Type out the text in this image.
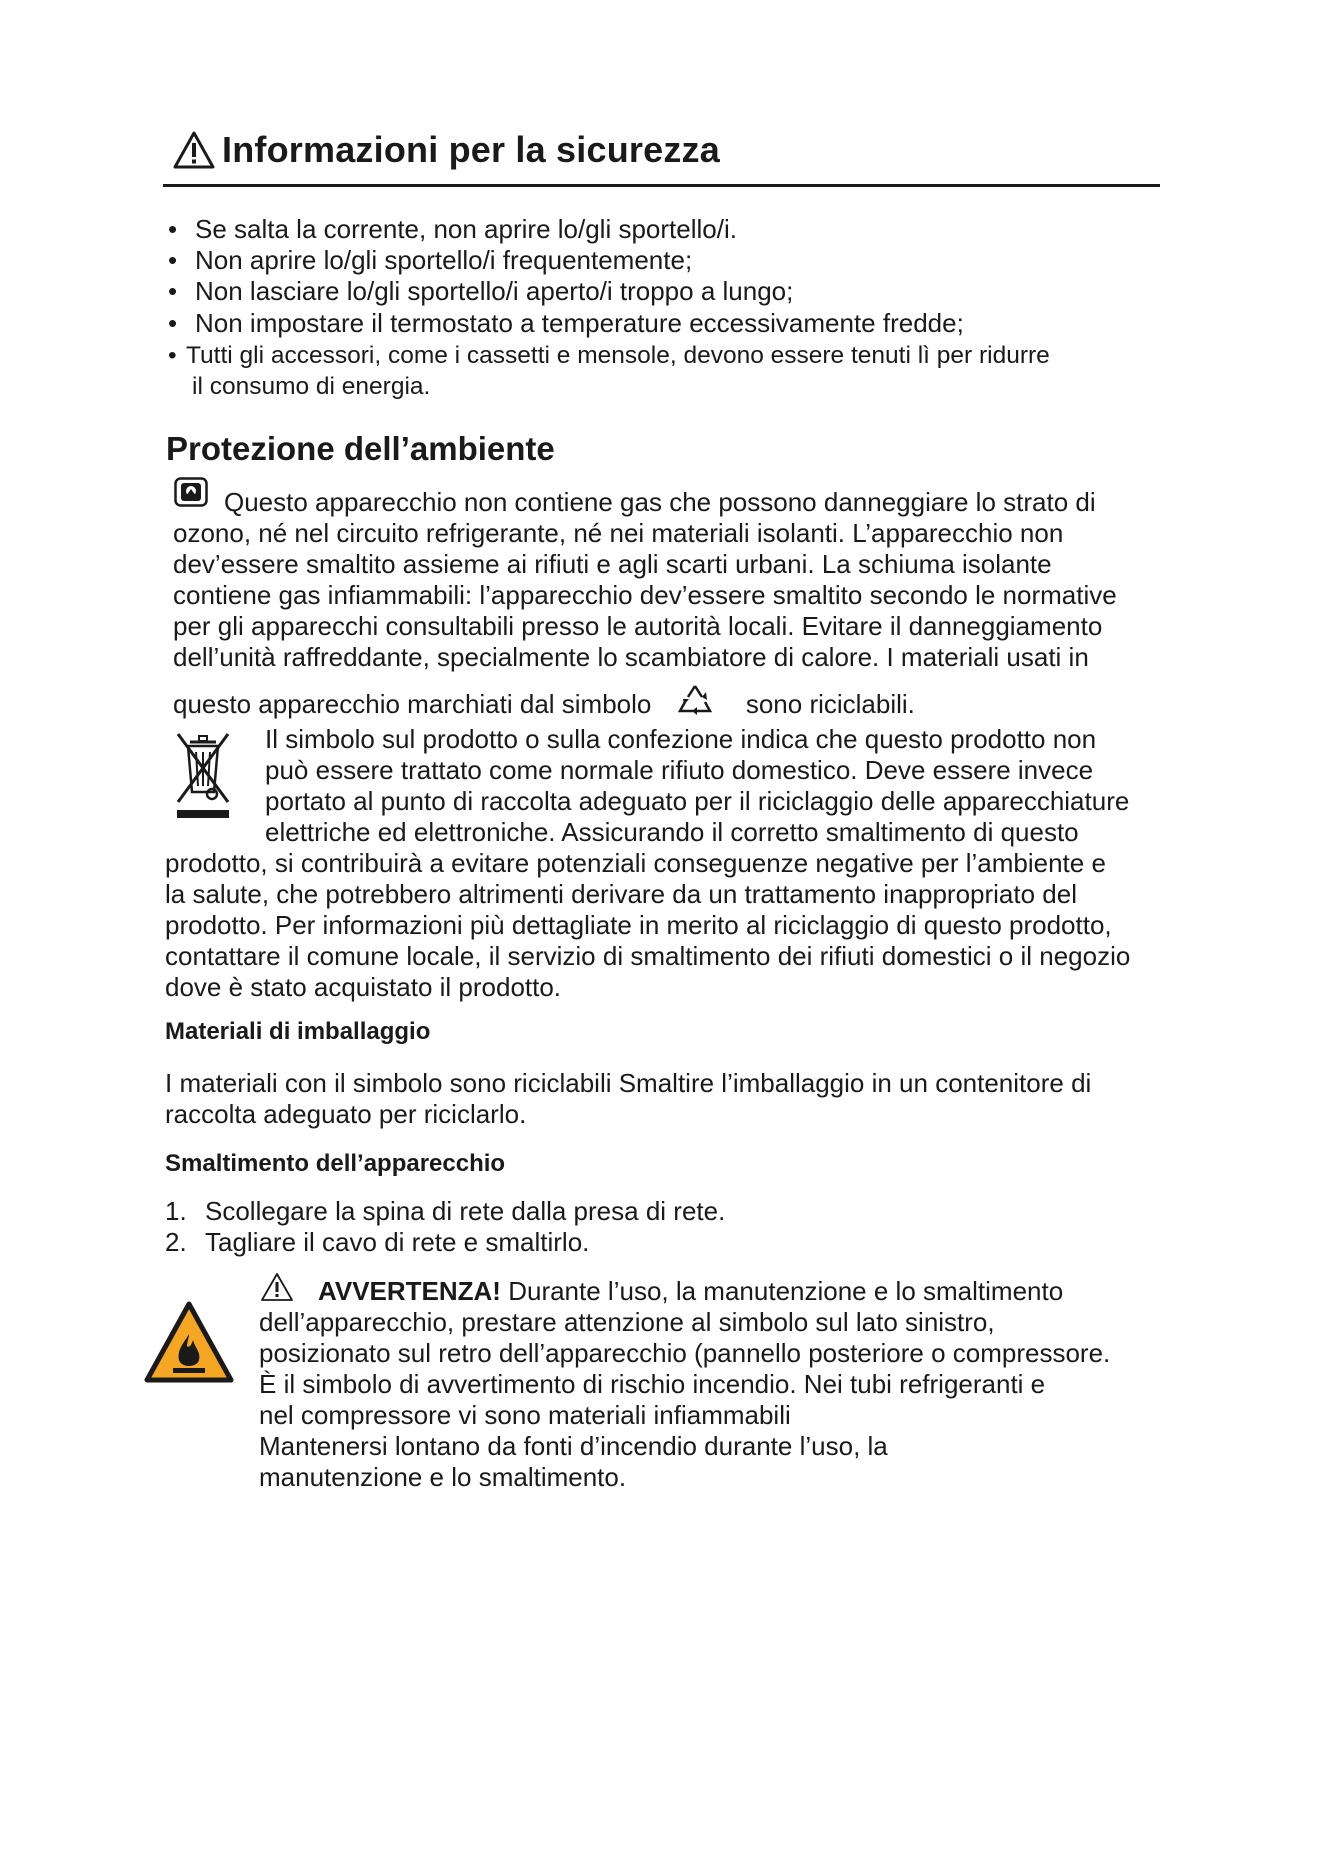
Informazioni per la sicurezza
• Se salta la corrente, non aprire lo/gli sportello/i.
• Non aprire lo/gli sportello/i frequentemente;
• Non lasciare lo/gli sportello/i aperto/i troppo a lungo;
• Non impostare il termostato a temperature eccessivamente fredde;
• Tutti gli accessori, come i cassetti e mensole, devono essere tenuti lì per ridurre
il consumo di energia.
Protezione dell’ambiente
Questo apparecchio non contiene gas che possono danneggiare lo strato di
ozono, né nel circuito refrigerante, né nei materiali isolanti. L’apparecchio non
dev’essere smaltito assieme ai rifiuti e agli scarti urbani. La schiuma isolante
contiene gas infiammabili: l’apparecchio dev’essere smaltito secondo le normative
per gli apparecchi consultabili presso le autorità locali. Evitare il danneggiamento
dell’unità raffreddante, specialmente lo scambiatore di calore. I materiali usati in
questo apparecchio marchiati dal simbolo	sono riciclabili.
Il simbolo sul prodotto o sulla confezione indica che questo prodotto non
può essere trattato come normale rifiuto domestico. Deve essere invece
portato al punto di raccolta adeguato per il riciclaggio delle apparecchiature
elettriche ed elettroniche. Assicurando il corretto smaltimento di questo
prodotto, si contribuirà a evitare potenziali conseguenze negative per l’ambiente e
la salute, che potrebbero altrimenti derivare da un trattamento inappropriato del
prodotto. Per informazioni più dettagliate in merito al riciclaggio di questo prodotto,
contattare il comune locale, il servizio di smaltimento dei rifiuti domestici o il negozio
dove è stato acquistato il prodotto.
Materiali di imballaggio
I materiali con il simbolo sono riciclabili Smaltire l’imballaggio in un contenitore di
raccolta adeguato per riciclarlo.
Smaltimento dell’apparecchio
1. Scollegare la spina di rete dalla presa di rete.
2. Tagliare il cavo di rete e smaltirlo.
AVVERTENZA! Durante l’uso, la manutenzione e lo smaltimento
dell’apparecchio, prestare attenzione al simbolo sul lato sinistro,
posizionato sul retro dell’apparecchio (pannello posteriore o compressore.
È il simbolo di avvertimento di rischio incendio. Nei tubi refrigeranti e
nel compressore vi sono materiali infiammabili
Mantenersi lontano da fonti d’incendio durante l’uso, la
manutenzione e lo smaltimento.
